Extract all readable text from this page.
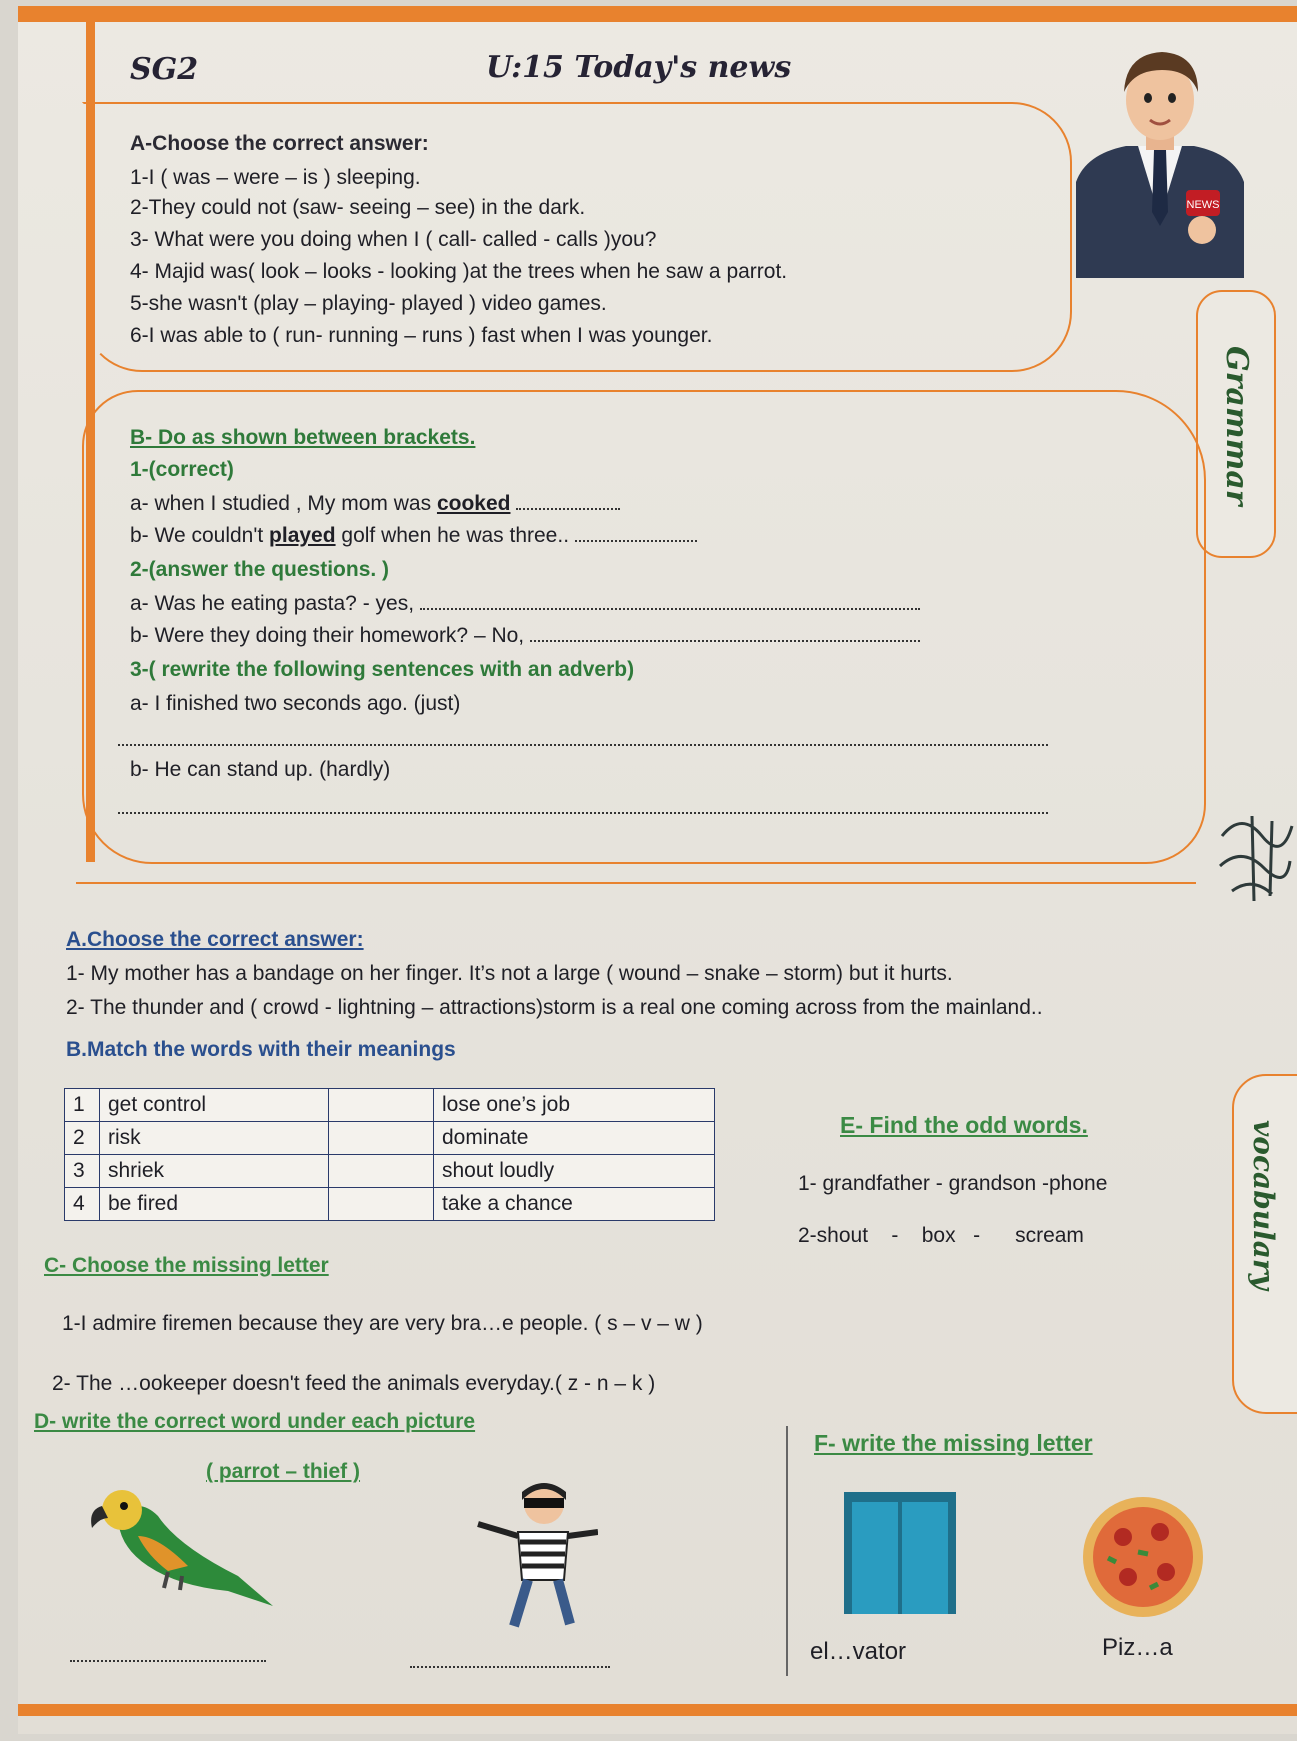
SG2	U:15 Today's news
NEWS
A-Choose the correct answer:
1-I ( was – were – is ) sleeping.
2-They could not (saw- seeing – see) in the dark.
3- What were you doing when I ( call- called - calls )you?
4- Majid was( look – looks - looking )at the trees when he saw a parrot.
5-she wasn't (play – playing- played ) video games.
6-I was able to ( run- running – runs ) fast when I was younger.
Grammar
B- Do as shown between brackets.
1-(correct)
a- when I studied , My mom was cooked
b- We couldn't played golf when he was three..
2-(answer the questions. )
a- Was he eating pasta? - yes,
b- Were they doing their homework? – No,
3-( rewrite the following sentences with an adverb)
a- I finished two seconds ago. (just)
b- He can stand up. (hardly)
A.Choose the correct answer:
1- My mother has a bandage on her finger. It’s not a large ( wound – snake – storm) but it hurts.
2- The thunder and ( crowd - lightning – attractions)storm is a real one coming across from the mainland..
B.Match the words with their meanings
1	get control		lose one’s job
2	risk		dominate
3	shriek		shout loudly
4	be fired		take a chance
E- Find the odd words.
1- grandfather - grandson -phone
2-shout    -    box   -      scream	vocabulary
C- Choose the missing letter
1-I admire firemen because they are very bra…e people. ( s – v – w )
2- The …ookeeper doesn't feed the animals everyday.( z - n – k )
D- write the correct word under each picture
( parrot – thief )
F- write the missing letter
el…vator	Piz…a
